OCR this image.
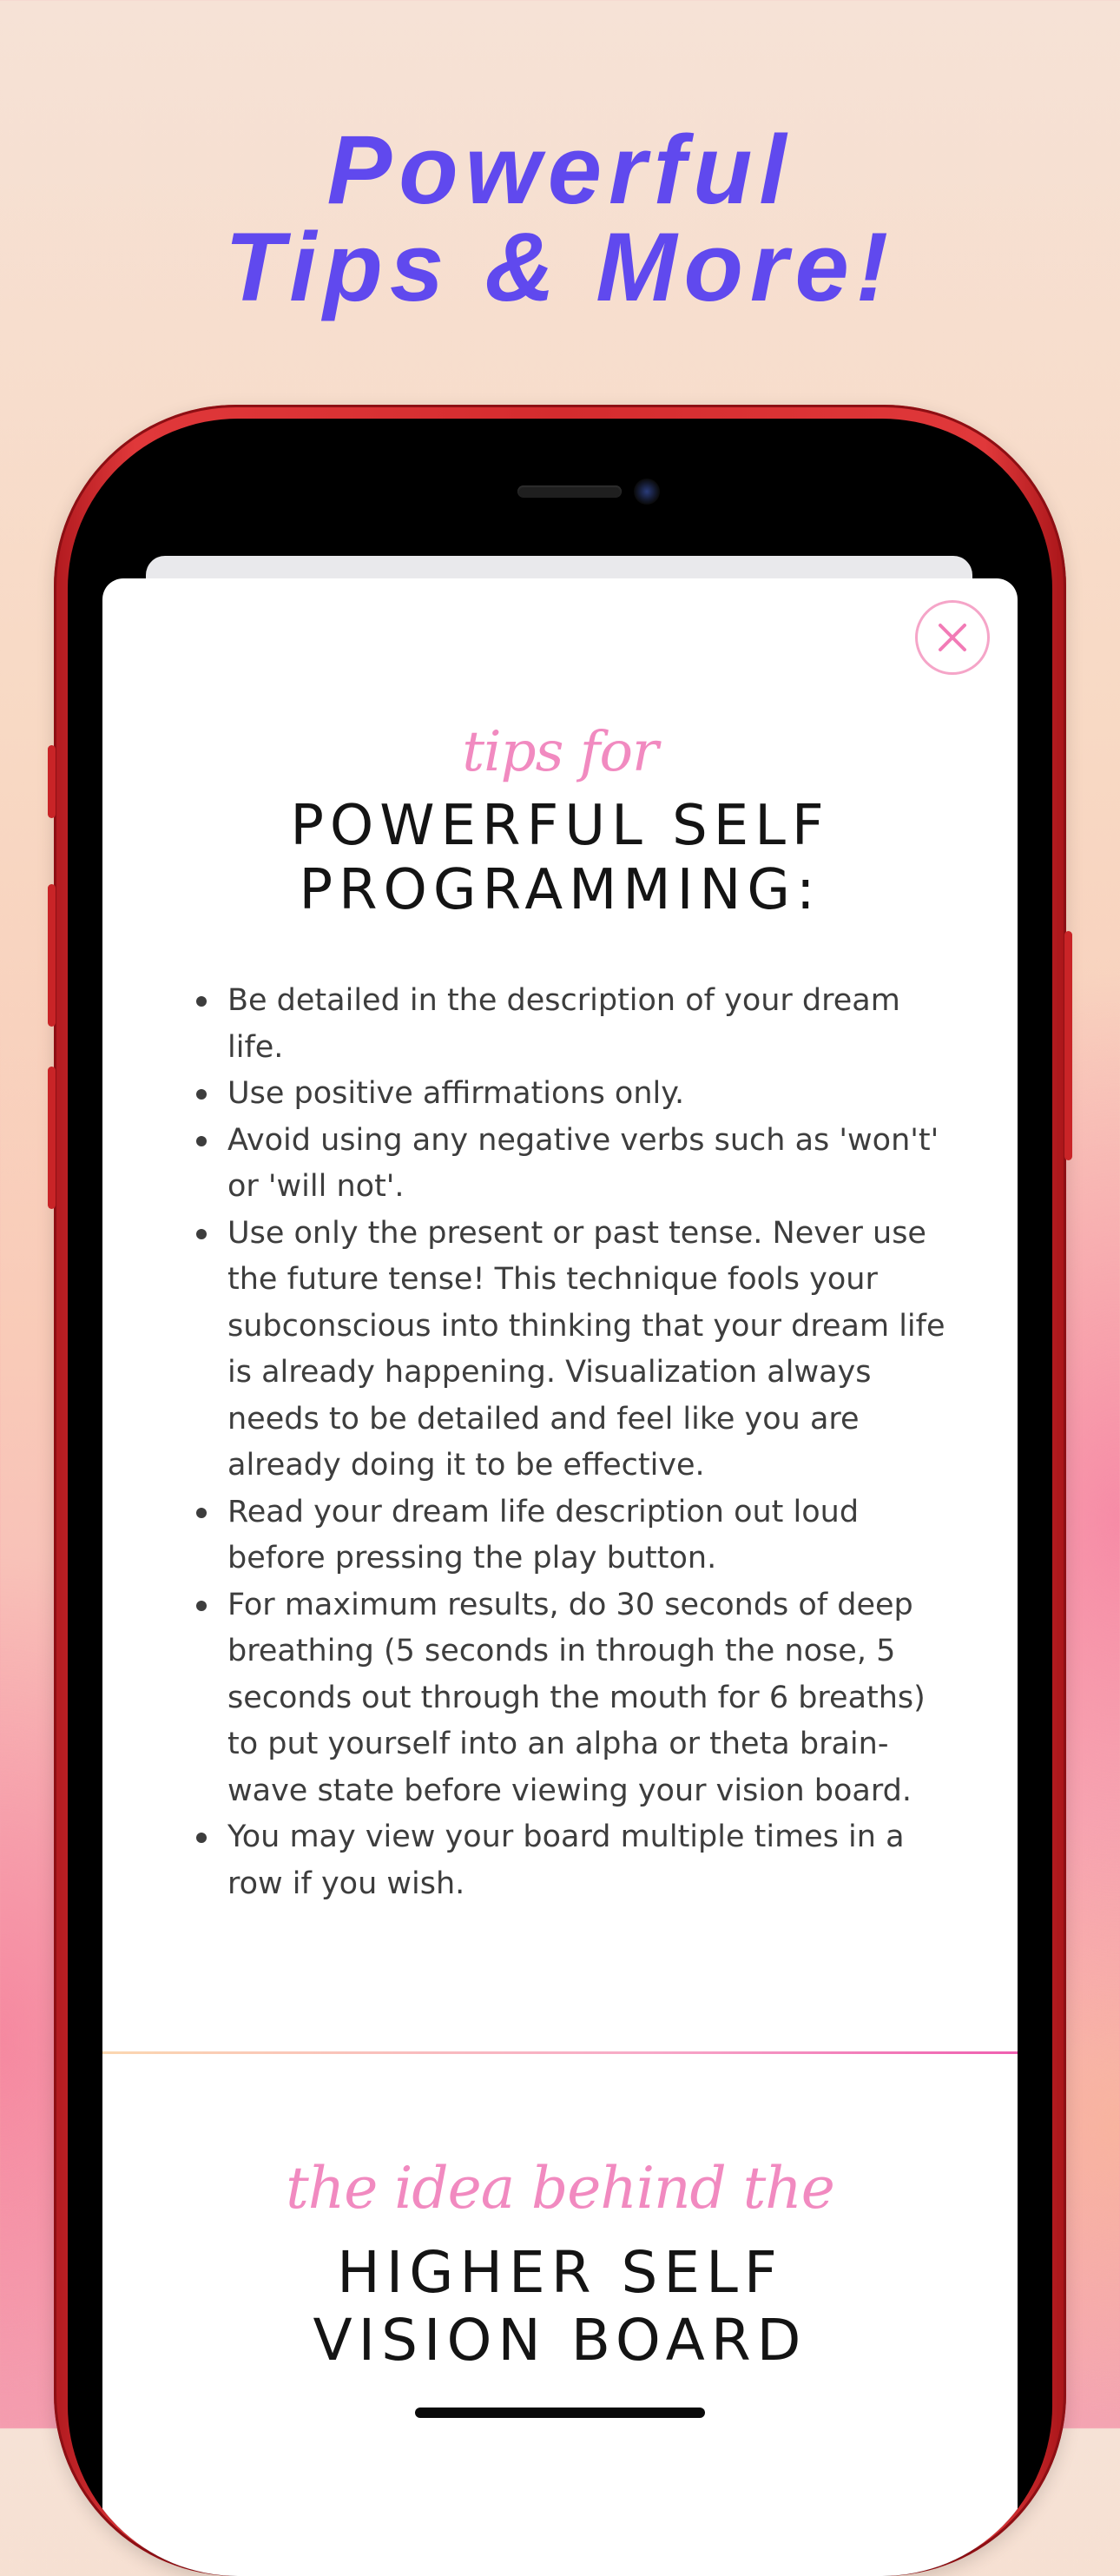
Powerful
Tips & More!

tips for

POWERFUL SELF
PROGRAMMING:
Be detailed in the description of your dream life.
Use positive affirmations only.
Avoid using any negative verbs such as 'won't' or 'will not'.
Use only the present or past tense. Never use the future tense! This technique fools your subconscious into thinking that your dream life is already happening. Visualization always needs to be detailed and feel like you are already doing it to be effective.
Read your dream life description out loud before pressing the play button.
For maximum results, do 30 seconds of deep breathing (5 seconds in through the nose, 5 seconds out through the mouth for 6 breaths) to put yourself into an alpha or theta brain-wave state before viewing your vision board.
You may view your board multiple times in a row if you wish.

the idea behind the

HIGHER SELF
VISION BOARD
